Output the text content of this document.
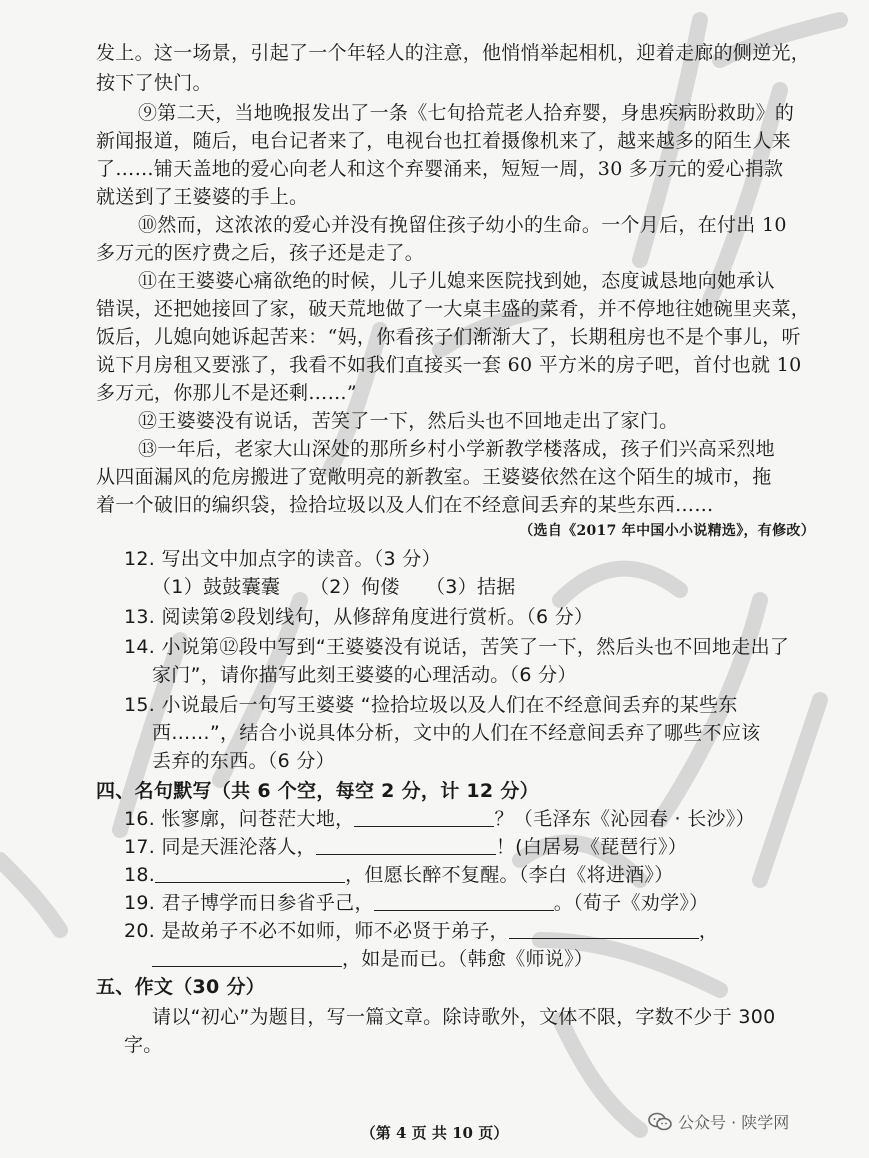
发上。这一场景，引起了一个年轻人的注意，他悄悄举起相机，迎着走廊的侧逆光，
按下了快门。
⑨第二天，当地晚报发出了一条《七旬拾荒老人拾弃婴，身患疾病盼救助》的
新闻报道，随后，电台记者来了，电视台也扛着摄像机来了，越来越多的陌生人来
了……铺天盖地的爱心向老人和这个弃婴涌来，短短一周，30 多万元的爱心捐款
就送到了王婆婆的手上。
⑩然而，这浓浓的爱心并没有挽留住孩子幼小的生命。一个月后，在付出 10
多万元的医疗费之后，孩子还是走了。
⑪在王婆婆心痛欲绝的时候，儿子儿媳来医院找到她，态度诚恳地向她承认
错误，还把她接回了家，破天荒地做了一大桌丰盛的菜肴，并不停地往她碗里夹菜，
饭后，儿媳向她诉起苦来：“妈，你看孩子们渐渐大了，长期租房也不是个事儿，听
说下月房租又要涨了，我看不如我们直接买一套 60 平方米的房子吧，首付也就 10
多万元，你那儿不是还剩……”
⑫王婆婆没有说话，苦笑了一下，然后头也不回地走出了家门。
⑬一年后，老家大山深处的那所乡村小学新教学楼落成，孩子们兴高采烈地
从四面漏风的危房搬进了宽敞明亮的新教室。王婆婆依然在这个陌生的城市，拖
着一个破旧的编织袋，捡拾垃圾以及人们在不经意间丢弃的某些东西……
（选自《2017 年中国小小说精选》，有修改）
12. 写出文中加点字的读音。（3 分）
（1）鼓鼓囊囊 （2）佝偻 （3）拮据
13. 阅读第②段划线句，从修辞角度进行赏析。（6 分）
14. 小说第⑫段中写到“王婆婆没有说话，苦笑了一下，然后头也不回地走出了
家门”，请你描写此刻王婆婆的心理活动。（6 分）
15. 小说最后一句写王婆婆 “捡拾垃圾以及人们在不经意间丢弃的某些东
西……”，结合小说具体分析，文中的人们在不经意间丢弃了哪些不应该
丢弃的东西。（6 分）
四、名句默写（共 6 个空，每空 2 分，计 12 分）
16. 怅寥廓，问苍茫大地，	？（毛泽东《沁园春 · 长沙》）
17. 同是天涯沦落人，	！(白居易《琵琶行》）
18.	，但愿长醉不复醒。（李白《将进酒》）
19. 君子博学而日参省乎己，	。（荀子《劝学》）
20. 是故弟子不必不如师，师不必贤于弟子，	，
，如是而已。（韩愈《师说》）
五、作文（30 分）
请以“初心”为题目，写一篇文章。除诗歌外，文体不限，字数不少于 300
字。
公众号 · 陕学网
（第 4 页 共 10 页）
